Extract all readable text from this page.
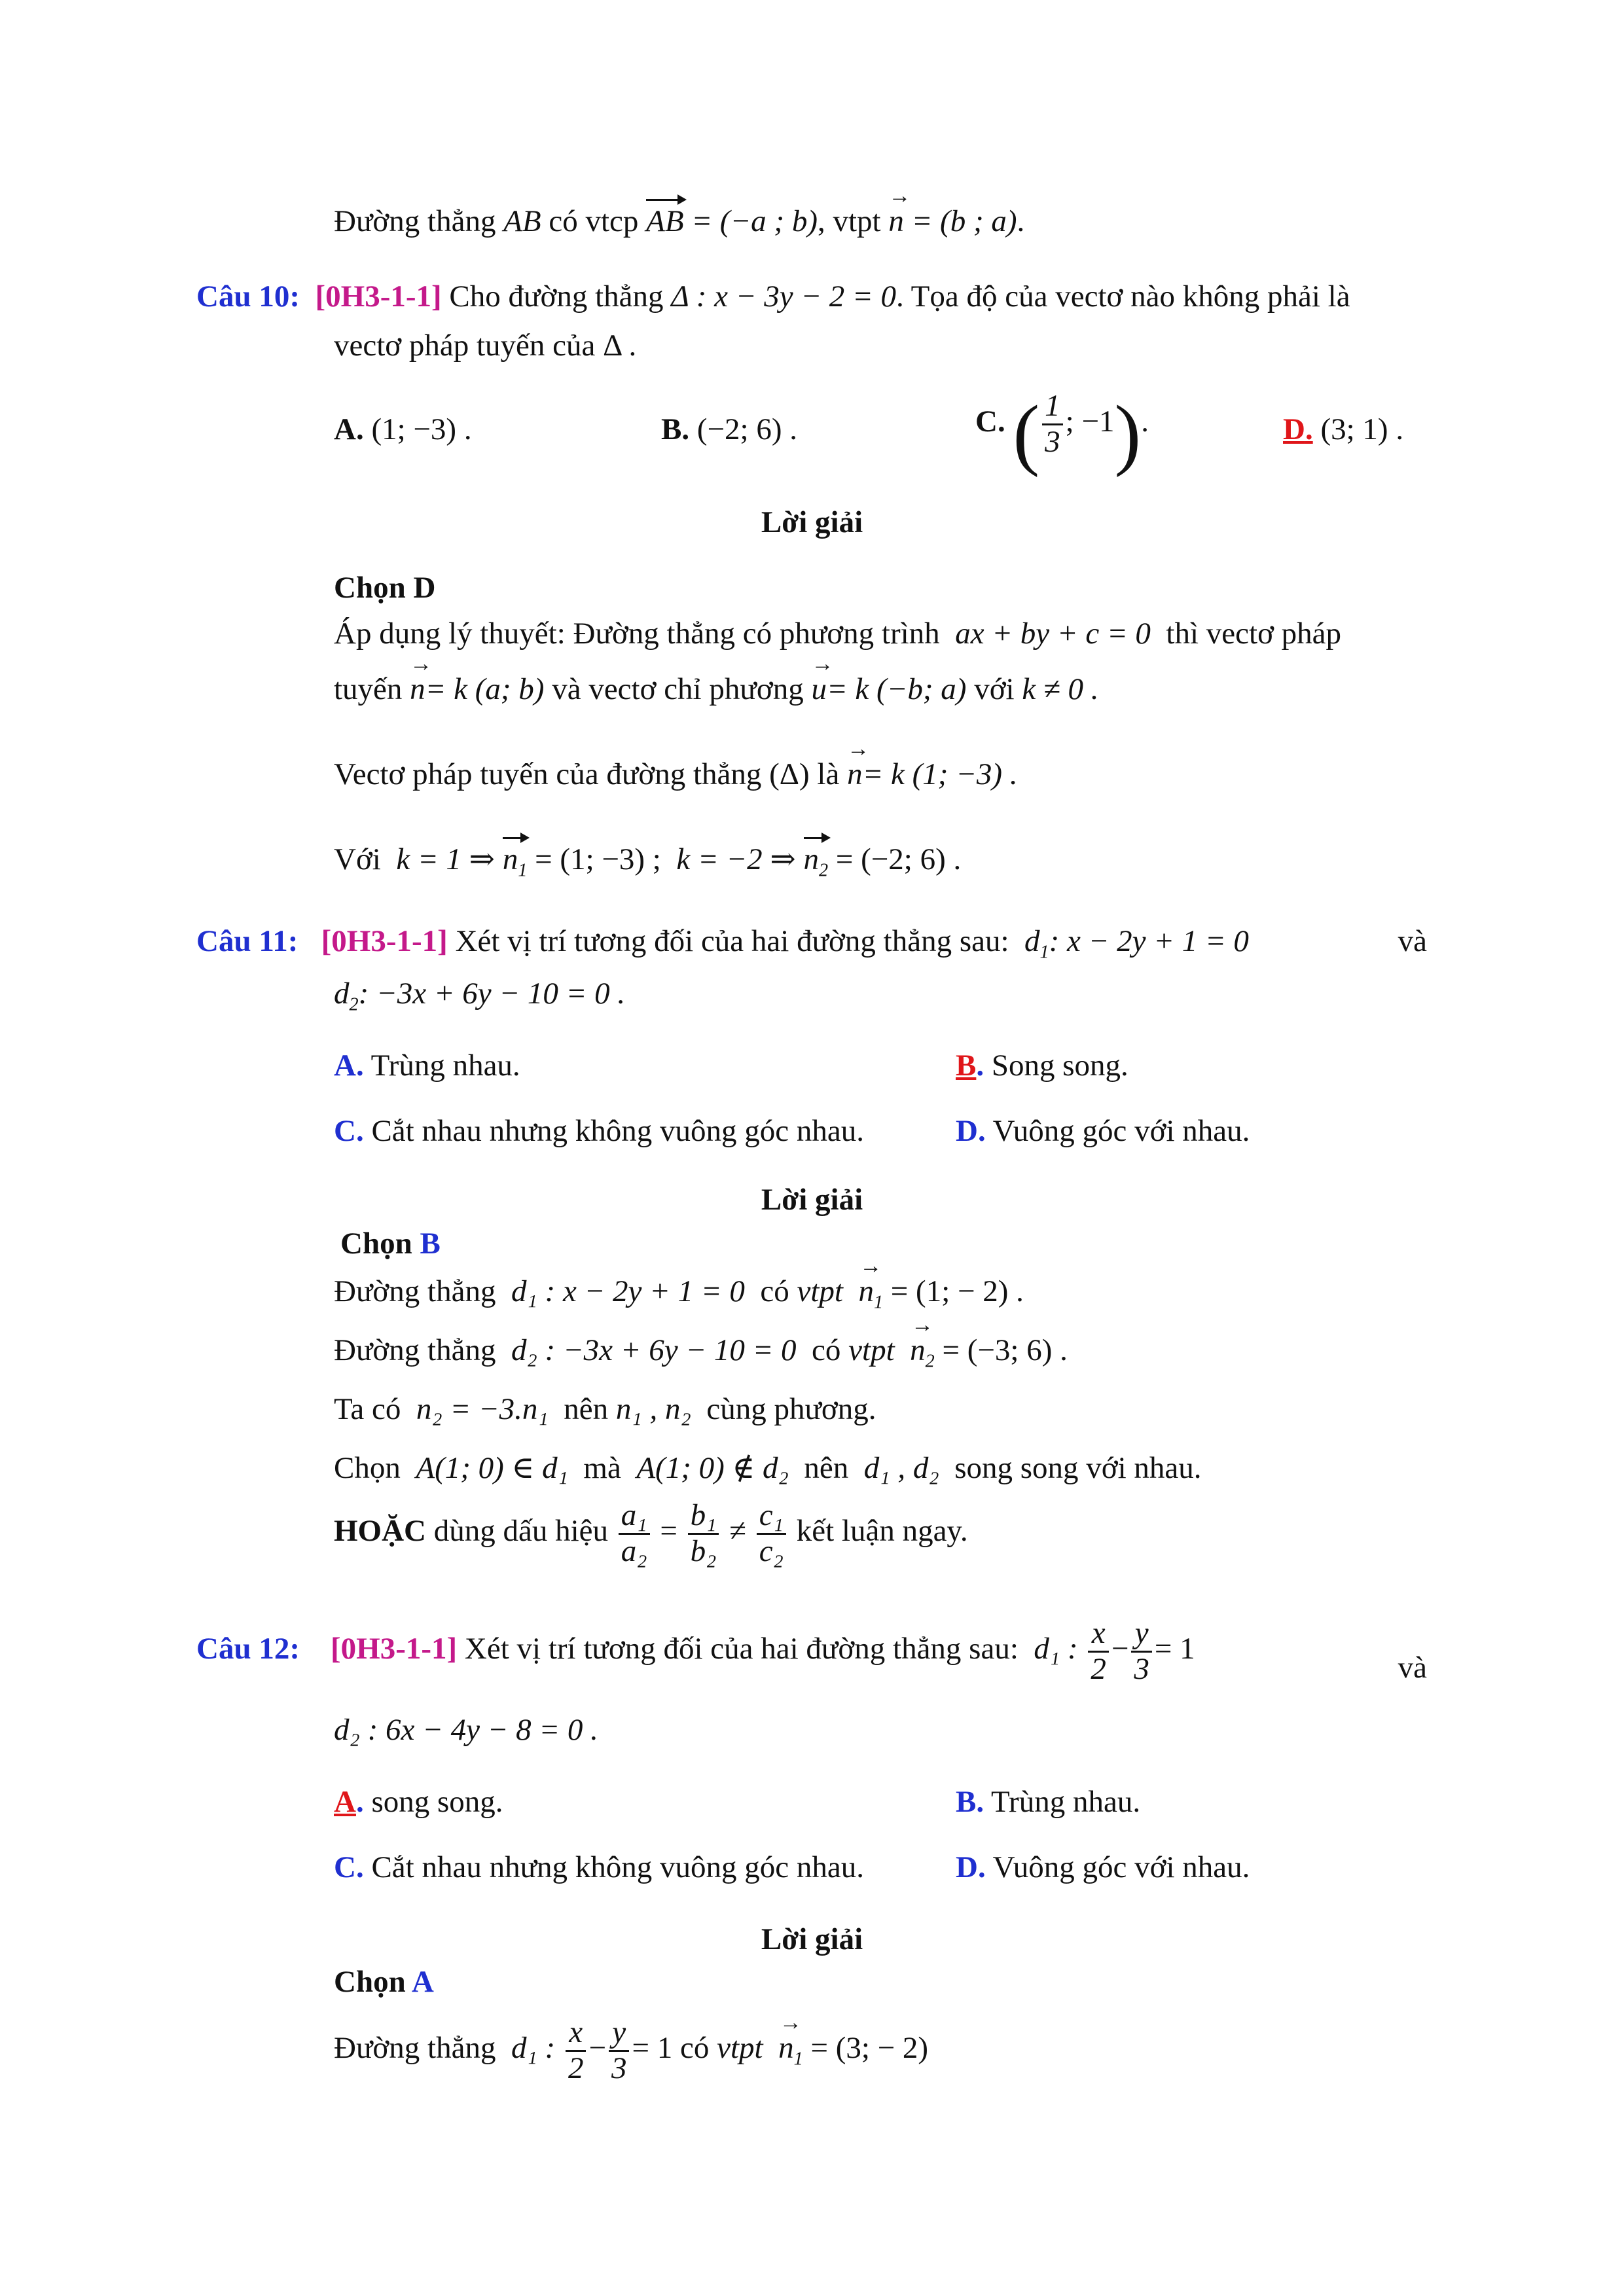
Đường thẳng AB có vtcp AB = (−a ; b), vtpt → n = (b ; a).
Câu 10: [0H3-1-1] Cho đường thẳng Δ : x − 3y − 2 = 0. Tọa độ của vectơ nào không phải là
vectơ pháp tuyến của Δ .
A. (1; −3) .	B. (−2; 6) .	C. ( $\frac{1}{3}$ ; −1).	D. (3; 1) .
Lời giải
Chọn D
Áp dụng lý thuyết: Đường thẳng có phương trình ax + by + c = 0 thì vectơ pháp
tuyến → n= k (a; b) và vectơ chỉ phương → u= k (−b; a) với k ≠ 0 .
Vectơ pháp tuyến của đường thẳng (Δ) là → n= k (1; −3) .
Với k = 1 ⇒ $n_1 = (1$; −3) ; k = −2 ⇒ $n_2 = (-2$; 6) .
Câu 11: [0H3-1-1] Xét vị trí tương đối của hai đường thẳng sau: $d_1$: x − 2y + 1 = 0	và
$d_2$: −3x + 6y − 10 = 0 .
A. Trùng nhau.	B. Song song.
C. Cắt nhau nhưng không vuông góc nhau.	D. Vuông góc với nhau.
Lời giải
Chọn B
Đường thẳng d₁ : x − 2y + 1 = 0 có vtpt → $n_1 = (1$; − 2) .
Đường thẳng d₂ : −3x + 6y − 10 = 0 có vtpt → $n_2 = (-3$; 6) .
Ta có n₂ = −3.n₁ nên n₁ , n₂ cùng phương.
Chọn A(1; 0) ∈ d₁ mà A(1; 0) ∉ d₂ nên d₁ , d₂ song song với nhau.
HOẶC dùng dấu hiệu $\frac{\text{a₁}}{\text{a₂}} = \frac{\text{b₁}}{\text{b₂}} \ne \frac{\text{c₁}}{\text{c₂}}$ kết luận ngay.
Câu 12: [0H3-1-1] Xét vị trí tương đối của hai đường thẳng sau: d₁ : $\frac{x}{2} - \frac{y}{3} = 1$
và
d₂ : 6x − 4y − 8 = 0 .
A. song song.	B. Trùng nhau.
C. Cắt nhau nhưng không vuông góc nhau.	D. Vuông góc với nhau.
Lời giải
Chọn A
Đường thẳng d₁ : $\frac{x}{2} - \frac{y}{3} = 1$ có vtpt → $n_1 = (3$; − 2)
